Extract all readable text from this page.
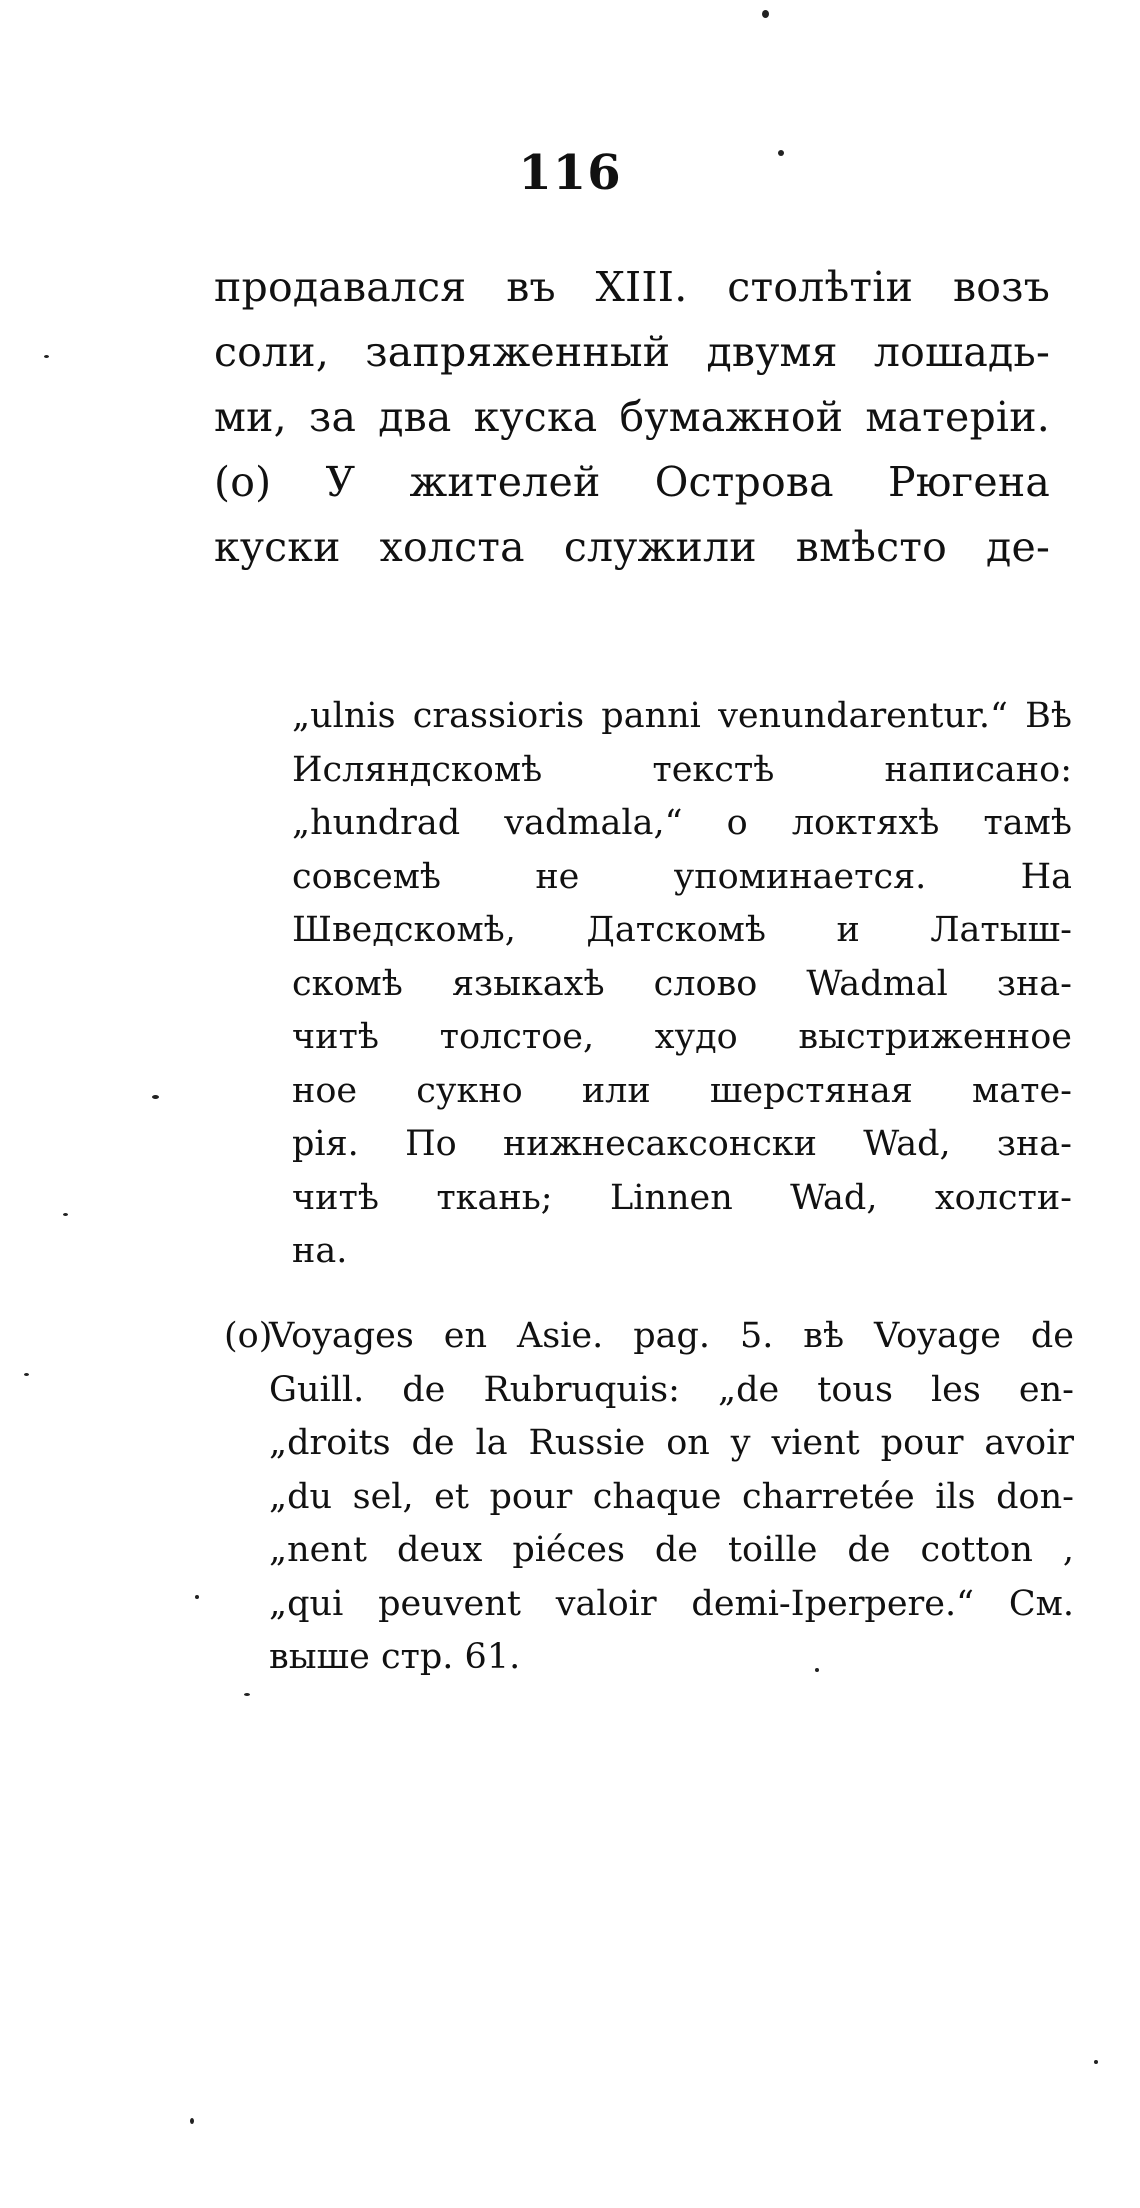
116
продавался въ XIII. столѣтiи возъ
соли, запряженный двумя лошадь-
ми, за два куска бумажной матерiи.
(о) У жителей Острова Рюгена
куски холста служили вмѣсто де-
„ulnis crassioris panni venundarentur.“ Вѣ
Исляндскомѣ текстѣ написано:
„hundrad vadmala,“ о локтяхѣ тамѣ
совсемѣ не упоминается. На
Шведскомѣ, Датскомѣ и Латыш-
скомѣ языкахѣ слово Wadmal зна-
читѣ толстое, худо выстриженное
ное сукно или шерстяная мате-
рiя. По нижнесаксонски Wad, зна-
читѣ ткань; Linnen Wad, холсти-
на.
(о)
Voyages en Asie. pag. 5. вѣ Voyage de
Guill. de Rubruquis: „de tous les en-
„droits de la Russie on y vient pour avoir
„du sel, et pour chaque charretée ils don-
„nent deux piéces de toille de cotton ,
„qui peuvent valoir demi-Iperpere.“ См.
выше стр. 61.
